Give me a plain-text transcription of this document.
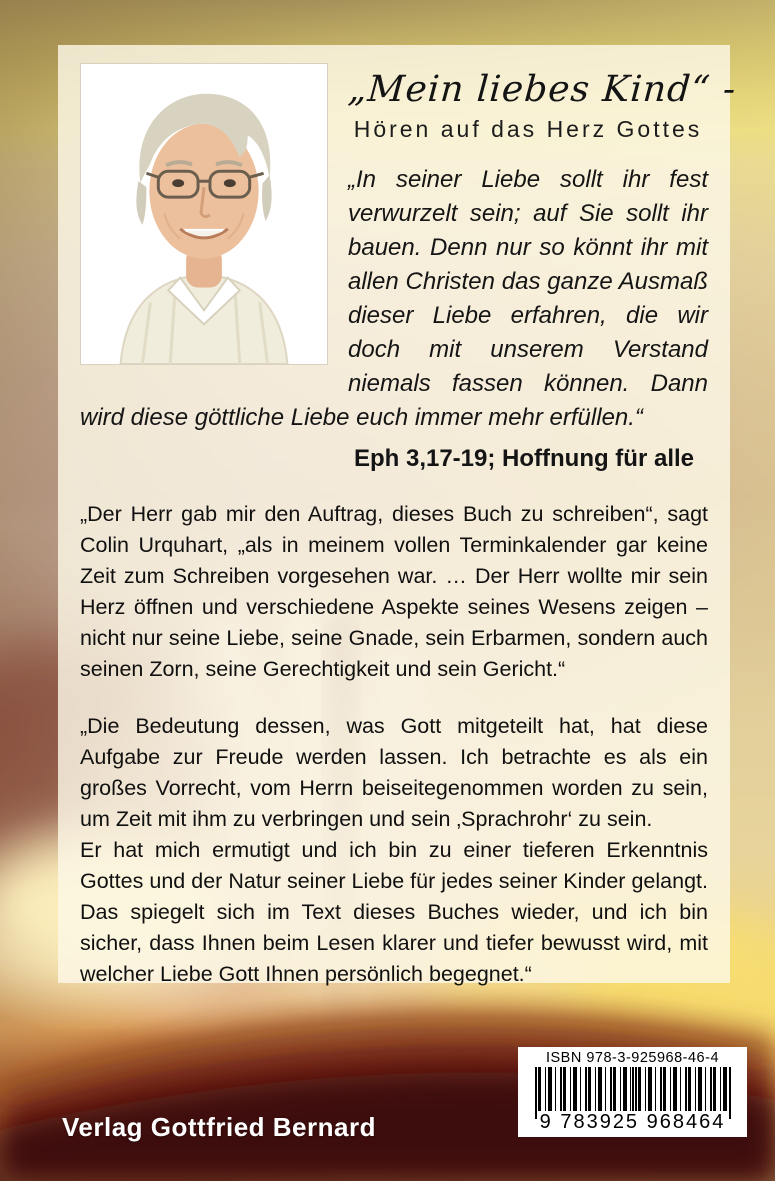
„Mein liebes Kind“ -
Hören auf das Herz Gottes
„In seiner Liebe sollt ihr fest verwurzelt sein; auf Sie sollt ihr bauen. Denn nur so könnt ihr mit allen Christen das ganze Ausmaß dieser Liebe erfahren, die wir doch mit unserem Verstand niemals fassen können. Dann wird diese göttliche Liebe euch immer mehr erfüllen.“
Eph 3,17-19; Hoffnung für alle

„Der Herr gab mir den Auftrag, dieses Buch zu schreiben“, sagt Colin Urquhart, „als in meinem vollen Terminkalender gar keine Zeit zum Schreiben vorgesehen war. … Der Herr wollte mir sein Herz öffnen und verschiedene Aspekte seines Wesens zeigen – nicht nur seine Liebe, seine Gnade, sein Erbarmen, sondern auch seinen Zorn, seine Gerechtigkeit und sein Gericht.“

„Die Bedeutung dessen, was Gott mitgeteilt hat, hat diese Aufgabe zur Freude werden lassen. Ich betrachte es als ein großes Vorrecht, vom Herrn beiseitegenommen worden zu sein, um Zeit mit ihm zu verbringen und sein ‚Sprachrohr‘ zu sein.

Er hat mich ermutigt und ich bin zu einer tieferen Erkenntnis Gottes und der Natur seiner Liebe für jedes seiner Kinder gelangt. Das spiegelt sich im Text dieses Buches wieder, und ich bin sicher, dass Ihnen beim Lesen klarer und tiefer bewusst wird, mit welcher Liebe Gott Ihnen persönlich begegnet.“

ISBN 978-3-925968-46-4
9 783925 968464
Verlag Gottfried Bernard
